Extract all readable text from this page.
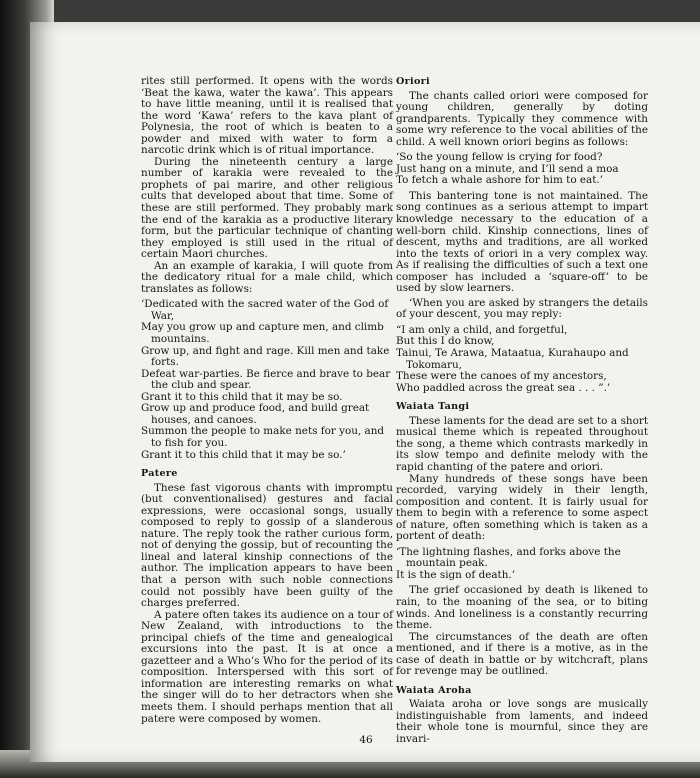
rites still performed. It opens with the words ‘Beat the kawa, water the kawa’. This appears to have little meaning, until it is realised that the word ‘Kawa’ refers to the kava plant of Polynesia, the root of which is beaten to a powder and mixed with water to form a narcotic drink which is of ritual importance.

During the nineteenth century a large number of karakia were revealed to the prophets of pai marire, and other religious cults that developed about that time. Some of these are still performed. They probably mark the end of the karakia as a productive literary form, but the particular technique of chanting they employed is still used in the ritual of certain Maori churches.

An an example of karakia, I will quote from the dedicatory ritual for a male child, which translates as follows:

‘Dedicated with the sacred water of the God of War,
May you grow up and capture men, and climb mountains.
Grow up, and fight and rage. Kill men and take forts.
Defeat war-parties. Be fierce and brave to bear the club and spear.
Grant it to this child that it may be so.
Grow up and produce food, and build great houses, and canoes.
Summon the people to make nets for you, and to fish for you.
Grant it to this child that it may be so.’
Patere

These fast vigorous chants with impromptu (but conventionalised) gestures and facial expressions, were occasional songs, usually composed to reply to gossip of a slanderous nature. The reply took the rather curious form, not of denying the gossip, but of recounting the lineal and lateral kinship connections of the author. The implication appears to have been that a person with such noble connections could not possibly have been guilty of the charges preferred.

A patere often takes its audience on a tour of New Zealand, with introductions to the principal chiefs of the time and genealogical excursions into the past. It is at once a gazetteer and a Who’s Who for the period of its composition. Interspersed with this sort of information are interesting remarks on what the singer will do to her detractors when she meets them. I should perhaps mention that all patere were composed by women.

Oriori

The chants called oriori were composed for young children, generally by doting grandparents. Typically they commence with some wry reference to the vocal abilities of the child. A well known oriori begins as follows:

‘So the young fellow is crying for food?
Just hang on a minute, and I’ll send a moa
To fetch a whale ashore for him to eat.’

This bantering tone is not maintained. The song continues as a serious attempt to impart knowledge necessary to the education of a well-born child. Kinship connections, lines of descent, myths and traditions, are all worked into the texts of oriori in a very complex way. As if realising the difficulties of such a text one composer has included a ‘square-off’ to be used by slow learners.

‘When you are asked by strangers the details of your descent, you may reply:

“I am only a child, and forgetful,
But this I do know,
Tainui, Te Arawa, Mataatua, Kurahaupo and Tokomaru,
These were the canoes of my ancestors,
Who paddled across the great sea . . . ”.’
Waiata Tangi

These laments for the dead are set to a short musical theme which is repeated throughout the song, a theme which contrasts markedly in its slow tempo and definite melody with the rapid chanting of the patere and oriori.

Many hundreds of these songs have been recorded, varying widely in their length, composition and content. It is fairly usual for them to begin with a reference to some aspect of nature, often something which is taken as a portent of death:

‘The lightning flashes, and forks above the mountain peak.
It is the sign of death.’

The grief occasioned by death is likened to rain, to the moaning of the sea, or to biting winds. And loneliness is a constantly recurring theme.

The circumstances of the death are often mentioned, and if there is a motive, as in the case of death in battle or by witchcraft, plans for revenge may be outlined.

Waiata Aroha

Waiata aroha or love songs are musically indistinguishable from laments, and indeed their whole tone is mournful, since they are invari-

46
